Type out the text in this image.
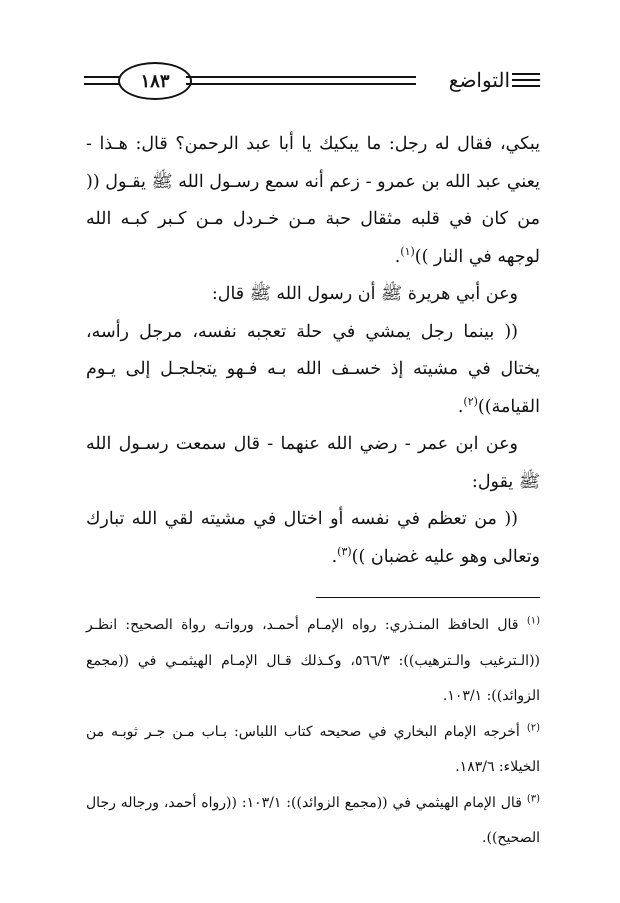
١٨٣	التواضع

يبكي، فقال له رجل: ما يبكيك يا أبا عبد الرحمن؟ قال: هـذا - يعني عبد الله بن عمرو - زعم أنه سمع رسـول الله ﷺ يقـول (( من كان في قلبه مثقال حبة مـن خـردل مـن كـبر كبـه الله لوجهه في النار ))$^{(١)}$.

وعن أبي هريرة ﷺ أن رسول الله ﷺ قال:

(( بينما رجل يمشي في حلة تعجبه نفسه، مرجل رأسه، يختال في مشيته إذ خسـف الله بـه فـهو يتجلجـل إلى يـوم القيامة))$^{(٢)}$.

وعن ابن عمر - رضي الله عنهما - قال سمعت رسـول الله ﷺ يقول:

(( من تعظم في نفسه أو اختال في مشيته لقي الله تبارك وتعالى وهو عليه غضبان ))$^{(٣)}$.

$^{(١)}$ قال الحافظ المنـذري: رواه الإمـام أحمـد، ورواتـه رواة الصحيح: انظـر ((الـترغيب والـترهيب)): ٥٦٦/٣، وكـذلك قـال الإمـام الهيثمـي في ((مجمع الزوائد)): ١٠٣/١.

$^{(٢)}$ أخرجه الإمام البخاري في صحيحه كتاب اللباس: بـاب مـن جـر ثوبـه من الخيلاء: ١٨٣/٦.

$^{(٣)}$ قال الإمام الهيثمي في ((مجمع الزوائد)): ١٠٣/١: ((رواه أحمد، ورجاله رجال الصحيح)).
